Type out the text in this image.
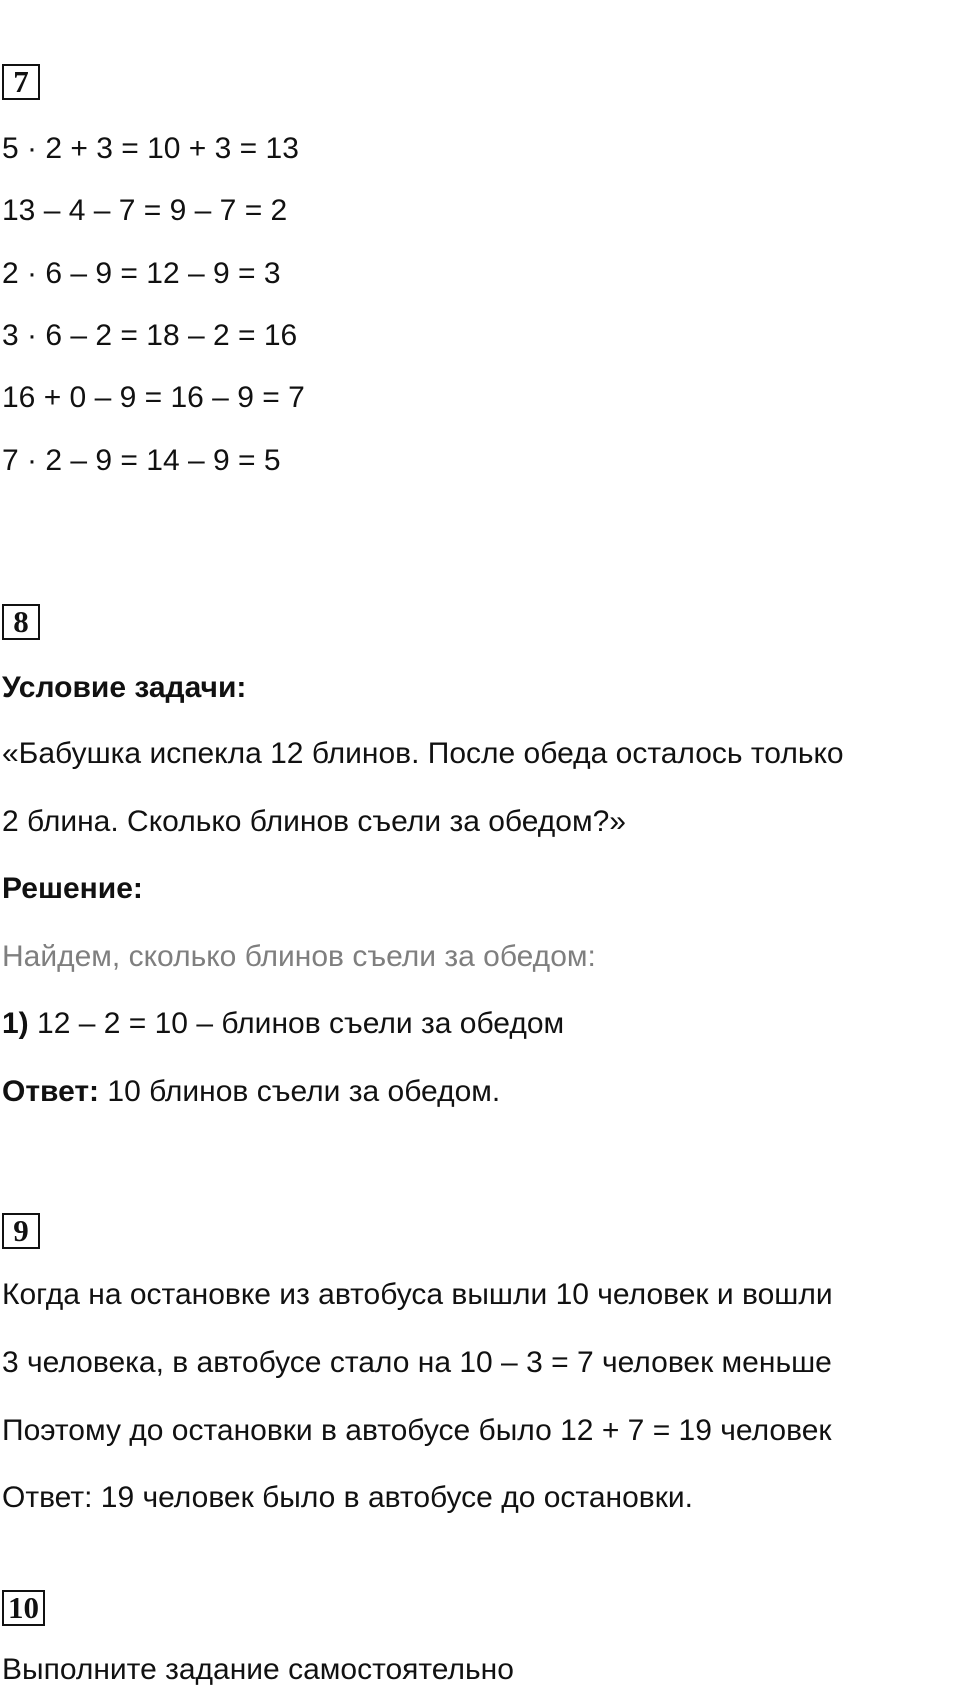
7
5 · 2 + 3 = 10 + 3 = 13
13 – 4 – 7 = 9 – 7 = 2
2 · 6 – 9 = 12 – 9 = 3
3 · 6 – 2 = 18 – 2 = 16
16 + 0 – 9 = 16 – 9 = 7
7 · 2 – 9 = 14 – 9 = 5
8
Условие задачи:
«Бабушка испекла 12 блинов. После обеда осталось только
2 блина. Сколько блинов съели за обедом?»
Решение:
Найдем, сколько блинов съели за обедом:
1) 12 – 2 = 10 – блинов съели за обедом
Ответ: 10 блинов съели за обедом.
9
Когда на остановке из автобуса вышли 10 человек и вошли
3 человека, в автобусе стало на 10 – 3 = 7 человек меньше
Поэтому до остановки в автобусе было 12 + 7 = 19 человек
Ответ: 19 человек было в автобусе до остановки.
10
Выполните задание самостоятельно
